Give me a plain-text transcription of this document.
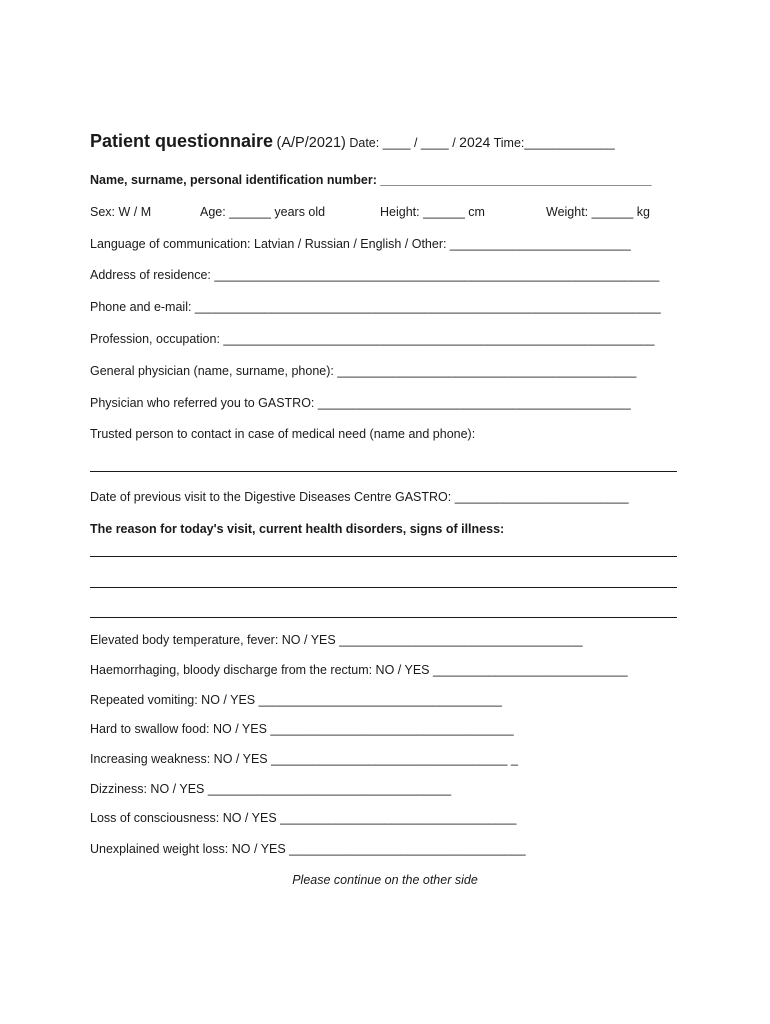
Patient questionnaire (A/P/2021) Date: ____ / ____ / 2024 Time:_____________
Name, surname, personal identification number: _______________________________________
Sex: W / M	Age: ______ years old	Height: ______ cm	Weight: ______ kg
Language of communication: Latvian / Russian / English / Other: __________________________
Address of residence: ________________________________________________________________
Phone and e-mail: ___________________________________________________________________
Profession, occupation: ______________________________________________________________
General physician (name, surname, phone): ___________________________________________
Physician who referred you to GASTRO: _____________________________________________
Trusted person to contact in case of medical need (name and phone):
Date of previous visit to the Digestive Diseases Centre GASTRO: _________________________
The reason for today's visit, current health disorders, signs of illness:
Elevated body temperature, fever: NO / YES ___________________________________
Haemorrhaging, bloody discharge from the rectum: NO / YES ____________________________
Repeated vomiting: NO / YES ___________________________________
Hard to swallow food: NO / YES ___________________________________
Increasing weakness: NO / YES __________________________________ _
Dizziness: NO / YES ___________________________________
Loss of consciousness: NO / YES __________________________________
Unexplained weight loss: NO / YES __________________________________
Please continue on the other side
